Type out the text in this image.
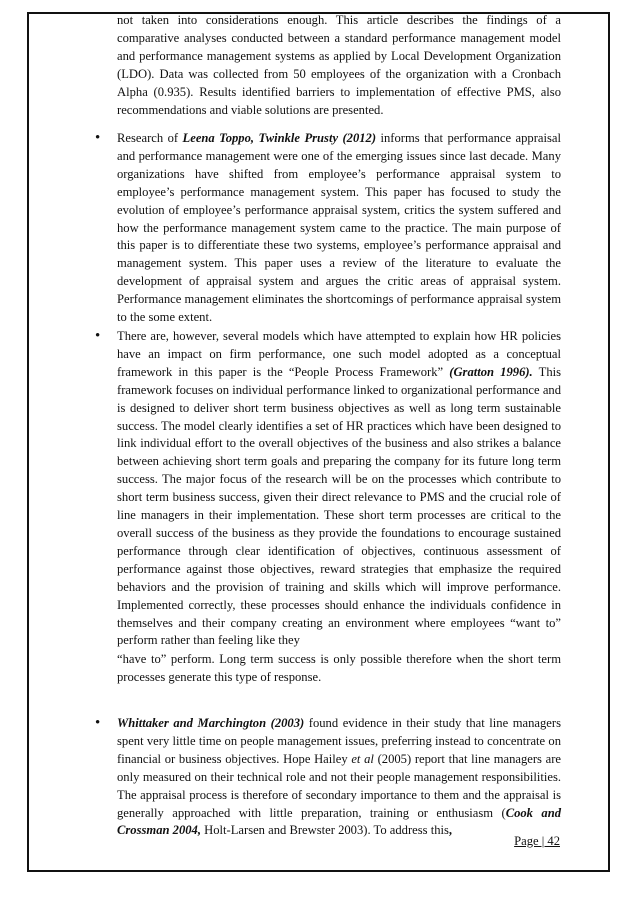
not taken into considerations enough. This article describes the findings of a comparative analyses conducted between a standard performance management model and performance management systems as applied by Local Development Organization (LDO). Data was collected from 50 employees of the organization with a Cronbach Alpha (0.935). Results identified barriers to implementation of effective PMS, also recommendations and viable solutions are presented.

•

Research of Leena Toppo, Twinkle Prusty (2012) informs that performance appraisal and performance management were one of the emerging issues since last decade. Many organizations have shifted from employee’s performance appraisal system to employee’s performance management system. This paper has focused to study the evolution of employee’s performance appraisal system, critics the system suffered and how the performance management system came to the practice. The main purpose of this paper is to differentiate these two systems, employee’s performance appraisal and management system. This paper uses a review of the literature to evaluate the development of appraisal system and argues the critic areas of appraisal system. Performance management eliminates the shortcomings of performance appraisal system to the some extent.

•

There are, however, several models which have attempted to explain how HR policies have an impact on firm performance, one such model adopted as a conceptual framework in this paper is the “People Process Framework” (Gratton 1996). This framework focuses on individual performance linked to organizational performance and is designed to deliver short term business objectives as well as long term sustainable success. The model clearly identifies a set of HR practices which have been designed to link individual effort to the overall objectives of the business and also strikes a balance between achieving short term goals and preparing the company for its future long term success. The major focus of the research will be on the processes which contribute to short term business success, given their direct relevance to PMS and the crucial role of line managers in their implementation. These short term processes are critical to the overall success of the business as they provide the foundations to encourage sustained performance through clear identification of objectives, continuous assessment of performance against those objectives, reward strategies that emphasize the required behaviors and the provision of training and skills which will improve performance. Implemented correctly, these processes should enhance the individuals confidence in themselves and their company creating an environment where employees “want to” perform rather than feeling like they

“have to” perform. Long term success is only possible therefore when the short term processes generate this type of response.

•

Whittaker and Marchington (2003) found evidence in their study that line managers spent very little time on people management issues, preferring instead to concentrate on financial or business objectives. Hope Hailey et al (2005) report that line managers are only measured on their technical role and not their people management responsibilities. The appraisal process is therefore of secondary importance to them and the appraisal is generally approached with little preparation, training or enthusiasm (Cook and Crossman 2004, Holt-Larsen and Brewster 2003). To address this,

Page | 42
